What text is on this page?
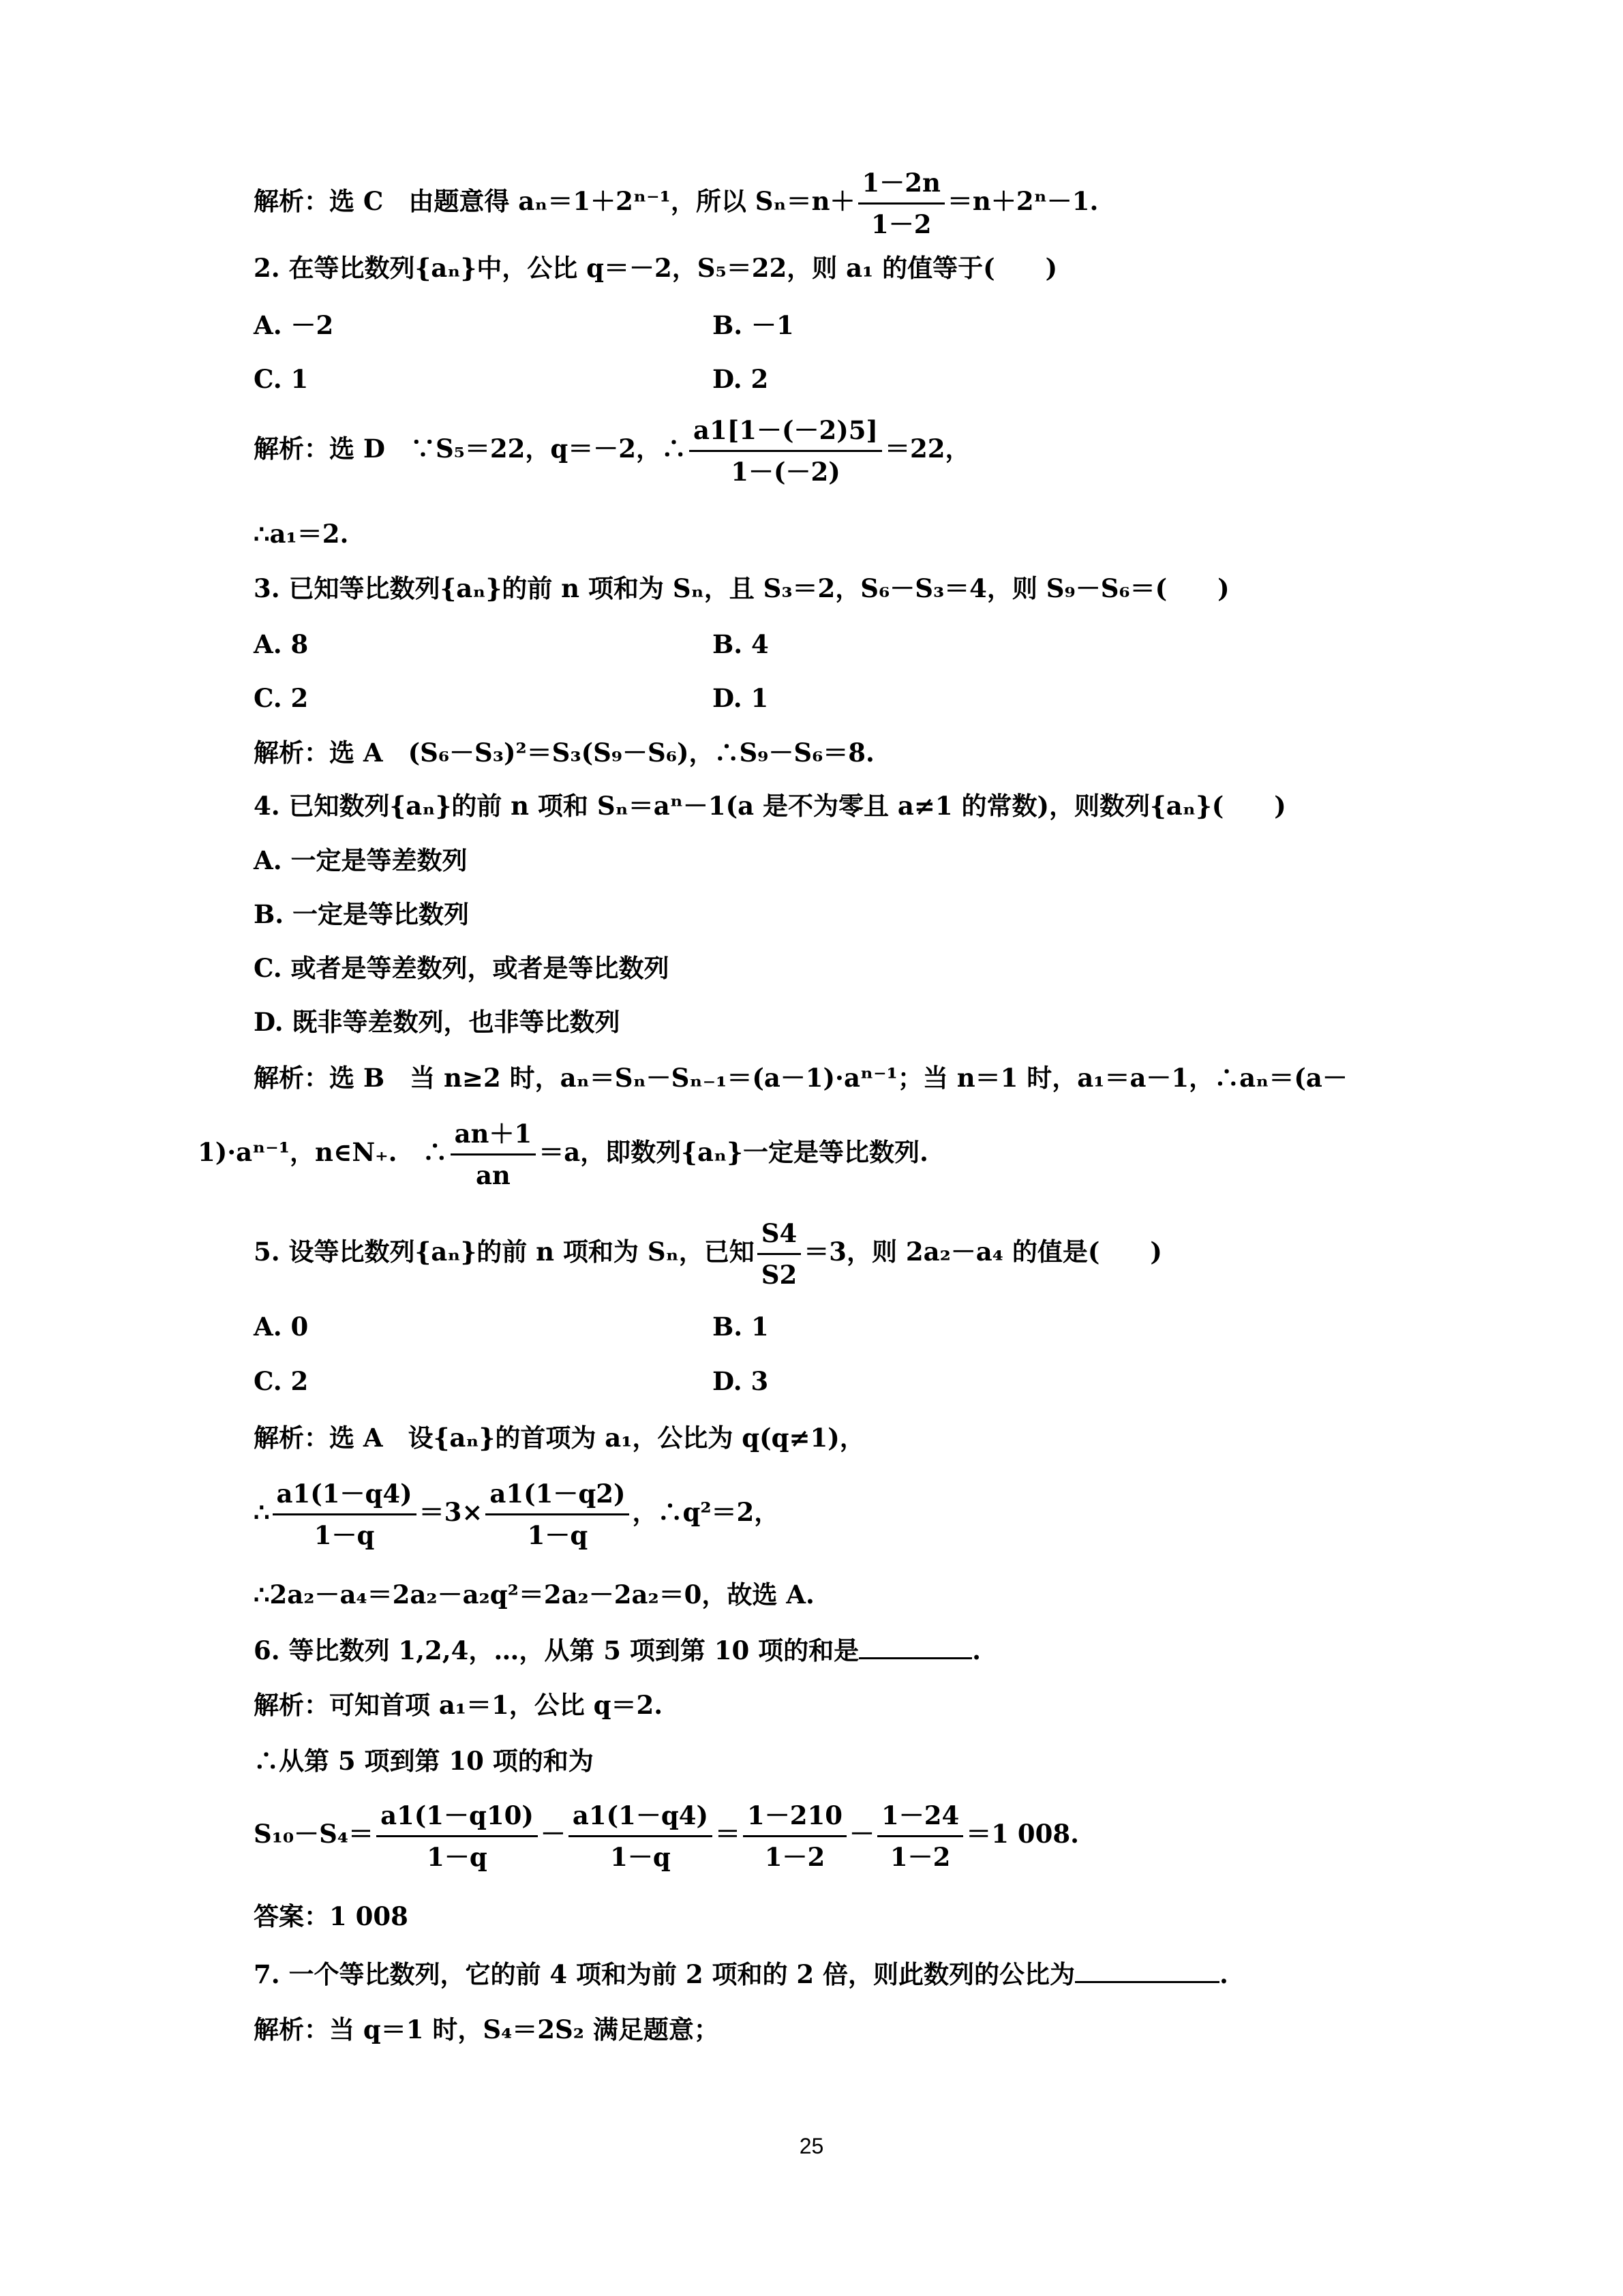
解析：选 C　由题意得 aₙ＝1＋2ⁿ⁻¹，所以 $S_n=n+ \frac{1-2n}{1-2} =n+2^n-1$.
2. 在等比数列{aₙ}中，公比 q＝－2，S₅＝22，则 a₁ 的值等于(　　)
A. －2	B. －1
C. 1	D. 2
解析：选 D　∵S₅＝22，q＝－2，∴ $\frac{a1[1-(-2)5]}{1-(-2)} =22$，
∴a₁＝2.
3. 已知等比数列{aₙ}的前 n 项和为 Sₙ，且 S₃＝2，S₆－S₃＝4，则 S₉－S₆＝(　　)
A. 8	B. 4
C. 2	D. 1
解析：选 A　(S₆－S₃)²＝S₃(S₉－S₆)，∴S₉－S₆＝8.
4. 已知数列{aₙ}的前 n 项和 Sₙ＝aⁿ－1(a 是不为零且 a≠1 的常数)，则数列{aₙ}(　　)
A. 一定是等差数列
B. 一定是等比数列
C. 或者是等差数列，或者是等比数列
D. 既非等差数列，也非等比数列
解析：选 B　当 n≥2 时，aₙ＝Sₙ－Sₙ₋₁＝(a－1)·aⁿ⁻¹；当 n＝1 时，a₁＝a－1，∴aₙ＝(a－
1)·aⁿ⁻¹，n∈N₊.　∴ $\frac{an+1}{an} =a$，即数列{aₙ}一定是等比数列.
5. 设等比数列{aₙ}的前 n 项和为 Sₙ，已知 $\frac{S4}{S2} =3$，则 2a₂－a₄ 的值是(　　)
A. 0	B. 1
C. 2	D. 3
解析：选 A　设{aₙ}的首项为 a₁，公比为 q(q≠1)，
∴ $\frac{a1(1-q4)}{1-q} =3\times \frac{a1(1-q2)}{1-q}$ ，∴q²＝2，
∴2a₂－a₄＝2a₂－a₂q²＝2a₂－2a₂＝0，故选 A.
6. 等比数列 1,2,4，…，从第 5 项到第 10 项的和是	.
解析：可知首项 a₁＝1，公比 q＝2.
∴从第 5 项到第 10 项的和为
$S_{10}-S_4= \frac{a1(1-q10)}{1-q} - \frac{a1(1-q4)}{1-q} = \frac{1-210}{1-2} - \frac{1-24}{1-2} =1$ 008.
答案：1 008
7. 一个等比数列，它的前 4 项和为前 2 项和的 2 倍，则此数列的公比为	.
解析：当 q＝1 时，S₄＝2S₂ 满足题意；
25
